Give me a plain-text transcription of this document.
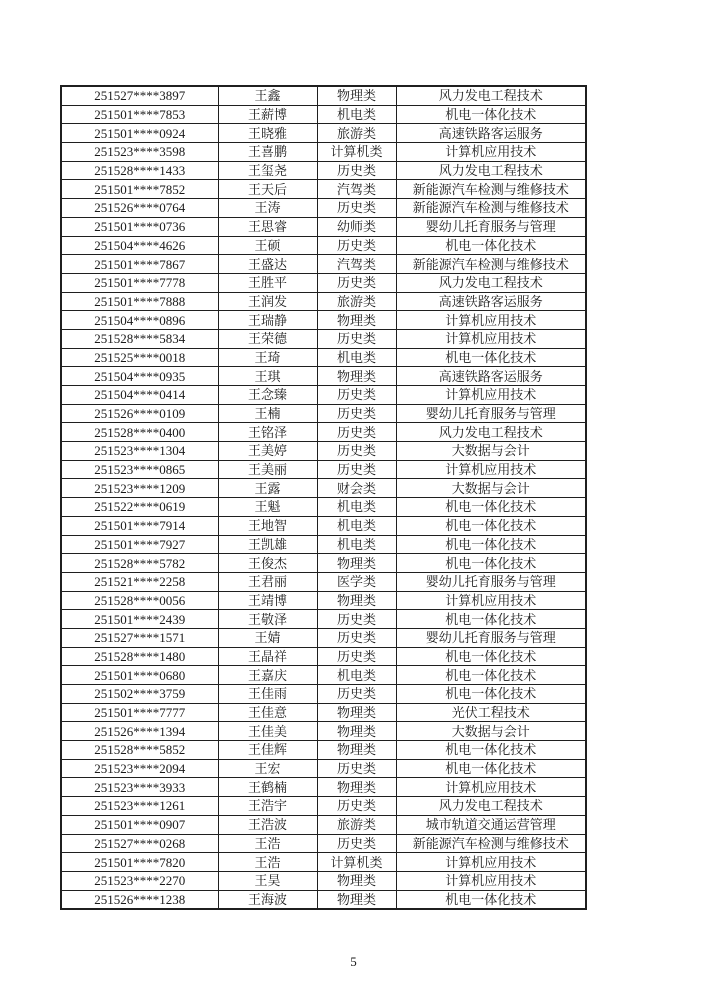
251527****3897	王鑫	物理类	风力发电工程技术
251501****7853	王薪博	机电类	机电一体化技术
251501****0924	王晓雅	旅游类	高速铁路客运服务
251523****3598	王喜鹏	计算机类	计算机应用技术
251528****1433	王玺尧	历史类	风力发电工程技术
251501****7852	王天后	汽驾类	新能源汽车检测与维修技术
251526****0764	王涛	历史类	新能源汽车检测与维修技术
251501****0736	王思睿	幼师类	婴幼儿托育服务与管理
251504****4626	王硕	历史类	机电一体化技术
251501****7867	王盛达	汽驾类	新能源汽车检测与维修技术
251501****7778	王胜平	历史类	风力发电工程技术
251501****7888	王润发	旅游类	高速铁路客运服务
251504****0896	王瑞静	物理类	计算机应用技术
251528****5834	王荣德	历史类	计算机应用技术
251525****0018	王琦	机电类	机电一体化技术
251504****0935	王琪	物理类	高速铁路客运服务
251504****0414	王念臻	历史类	计算机应用技术
251526****0109	王楠	历史类	婴幼儿托育服务与管理
251528****0400	王铭泽	历史类	风力发电工程技术
251523****1304	王美婷	历史类	大数据与会计
251523****0865	王美丽	历史类	计算机应用技术
251523****1209	王露	财会类	大数据与会计
251522****0619	王魁	机电类	机电一体化技术
251501****7914	王地智	机电类	机电一体化技术
251501****7927	王凯雄	机电类	机电一体化技术
251528****5782	王俊杰	物理类	机电一体化技术
251521****2258	王君丽	医学类	婴幼儿托育服务与管理
251528****0056	王靖博	物理类	计算机应用技术
251501****2439	王敬泽	历史类	机电一体化技术
251527****1571	王婧	历史类	婴幼儿托育服务与管理
251528****1480	王晶祥	历史类	机电一体化技术
251501****0680	王嘉庆	机电类	机电一体化技术
251502****3759	王佳雨	历史类	机电一体化技术
251501****7777	王佳意	物理类	光伏工程技术
251526****1394	王佳美	物理类	大数据与会计
251528****5852	王佳辉	物理类	机电一体化技术
251523****2094	王宏	历史类	机电一体化技术
251523****3933	王鹤楠	物理类	计算机应用技术
251523****1261	王浩宇	历史类	风力发电工程技术
251501****0907	王浩波	旅游类	城市轨道交通运营管理
251527****0268	王浩	历史类	新能源汽车检测与维修技术
251501****7820	王浩	计算机类	计算机应用技术
251523****2270	王昊	物理类	计算机应用技术
251526****1238	王海波	物理类	机电一体化技术
5
